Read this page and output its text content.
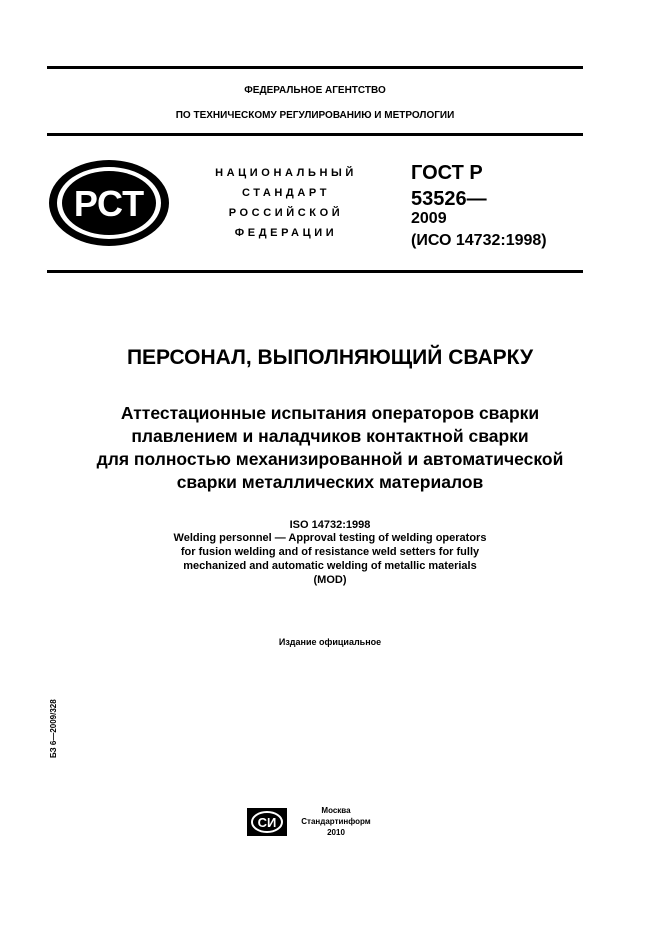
ФЕДЕРАЛЬНОЕ АГЕНТСТВО
ПО ТЕХНИЧЕСКОМУ РЕГУЛИРОВАНИЮ И МЕТРОЛОГИИ
РСТ
НАЦИОНАЛЬНЫЙ
СТАНДАРТ
РОССИЙСКОЙ
ФЕДЕРАЦИИ
ГОСТ Р
53526—
2009
(ИСО 14732:1998)
ПЕРСОНАЛ, ВЫПОЛНЯЮЩИЙ СВАРКУ
Аттестационные испытания операторов сварки
плавлением и наладчиков контактной сварки
для полностью механизированной и автоматической
сварки металлических материалов
ISO 14732:1998
Welding personnel — Approval testing of welding operators
for fusion welding and of resistance weld setters for fully
mechanized and automatic welding of metallic materials
(MOD)
Издание официальное
БЗ 6—2009/328
СИ
Москва
Стандартинформ
2010
